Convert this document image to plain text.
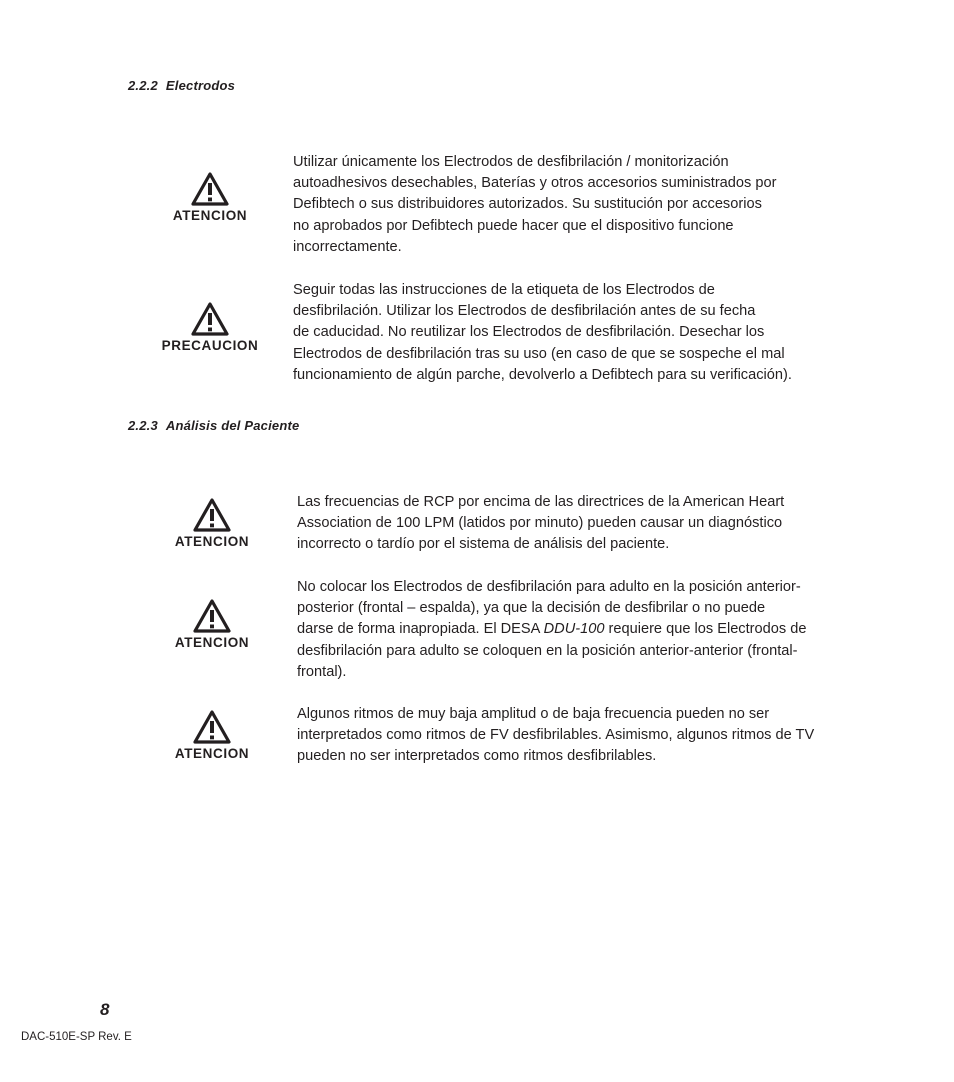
2.2.2 Electrodos
ATENCION
Utilizar únicamente los Electrodos de desfibrilación / monitorización
autoadhesivos desechables, Baterías y otros accesorios suministrados por
Defibtech o sus distribuidores autorizados. Su sustitución por accesorios
no aprobados por Defibtech puede hacer que el dispositivo funcione
incorrectamente.
PRECAUCION
Seguir todas las instrucciones de la etiqueta de los Electrodos de
desfibrilación. Utilizar los Electrodos de desfibrilación antes de su fecha
de caducidad. No reutilizar los Electrodos de desfibrilación. Desechar los
Electrodos de desfibrilación tras su uso (en caso de que se sospeche el mal
funcionamiento de algún parche, devolverlo a Defibtech para su verificación).
2.2.3 Análisis del Paciente
ATENCION
Las frecuencias de RCP por encima de las directrices de la American Heart
Association de 100 LPM (latidos por minuto) pueden causar un diagnóstico
incorrecto o tardío por el sistema de análisis del paciente.
ATENCION
No colocar los Electrodos de desfibrilación para adulto en la posición anterior-
posterior (frontal – espalda), ya que la decisión de desfibrilar o no puede
darse de forma inapropiada. El DESA DDU-100 requiere que los Electrodos de
desfibrilación para adulto se coloquen en la posición anterior-anterior (frontal-
frontal).
ATENCION
Algunos ritmos de muy baja amplitud o de baja frecuencia pueden no ser
interpretados como ritmos de FV desfibrilables. Asimismo, algunos ritmos de TV
pueden no ser interpretados como ritmos desfibrilables.
8
DAC-510E-SP Rev. E
